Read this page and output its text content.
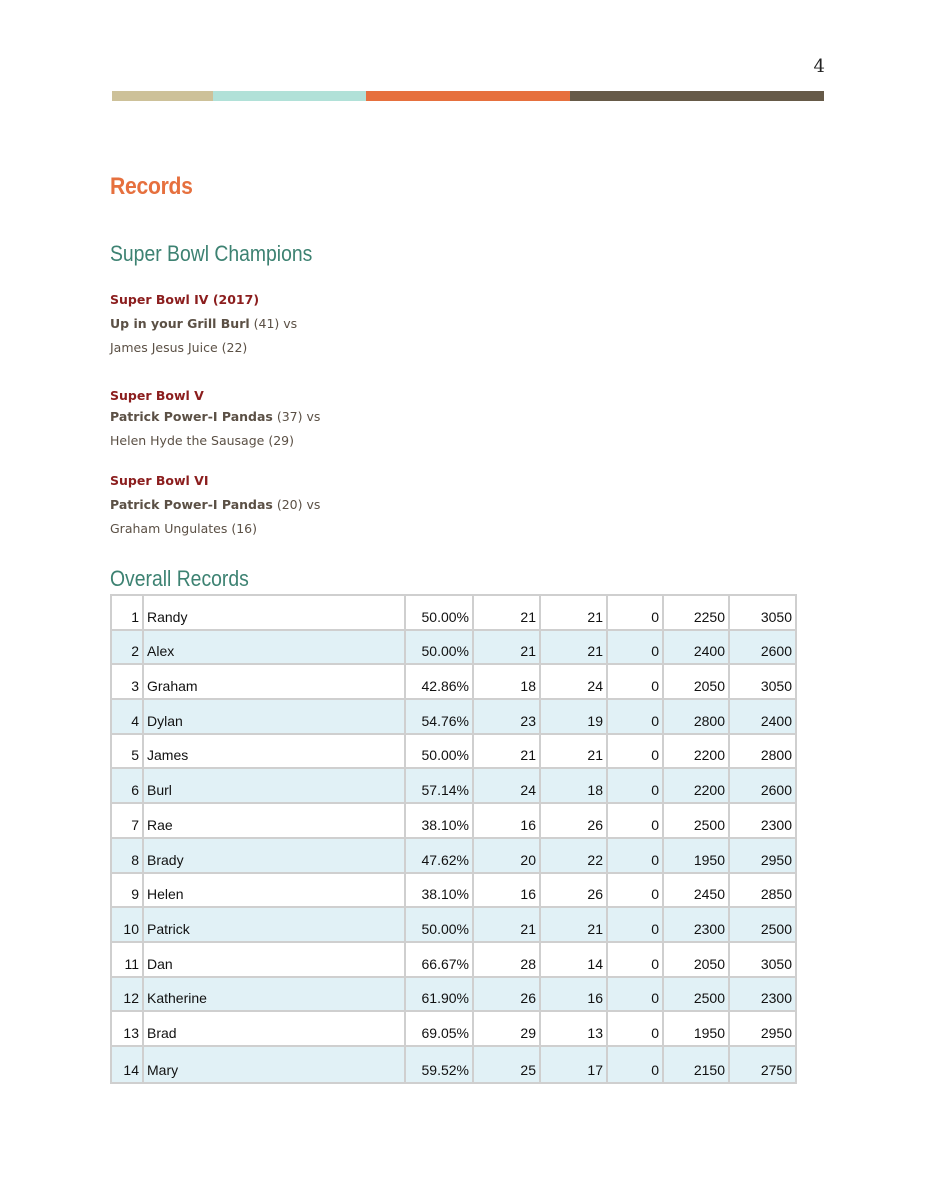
4
Records
Super Bowl Champions
Super Bowl IV (2017)
Up in your Grill Burl (41) vs
James Jesus Juice (22)
Super Bowl V
Patrick Power-I Pandas (37) vs
Helen Hyde the Sausage (29)
Super Bowl VI
Patrick Power-I Pandas (20) vs
Graham Ungulates (16)
Overall Records
1	Randy	50.00%	21	21	0	2250	3050
2	Alex	50.00%	21	21	0	2400	2600
3	Graham	42.86%	18	24	0	2050	3050
4	Dylan	54.76%	23	19	0	2800	2400
5	James	50.00%	21	21	0	2200	2800
6	Burl	57.14%	24	18	0	2200	2600
7	Rae	38.10%	16	26	0	2500	2300
8	Brady	47.62%	20	22	0	1950	2950
9	Helen	38.10%	16	26	0	2450	2850
10	Patrick	50.00%	21	21	0	2300	2500
11	Dan	66.67%	28	14	0	2050	3050
12	Katherine	61.90%	26	16	0	2500	2300
13	Brad	69.05%	29	13	0	1950	2950
14	Mary	59.52%	25	17	0	2150	2750
